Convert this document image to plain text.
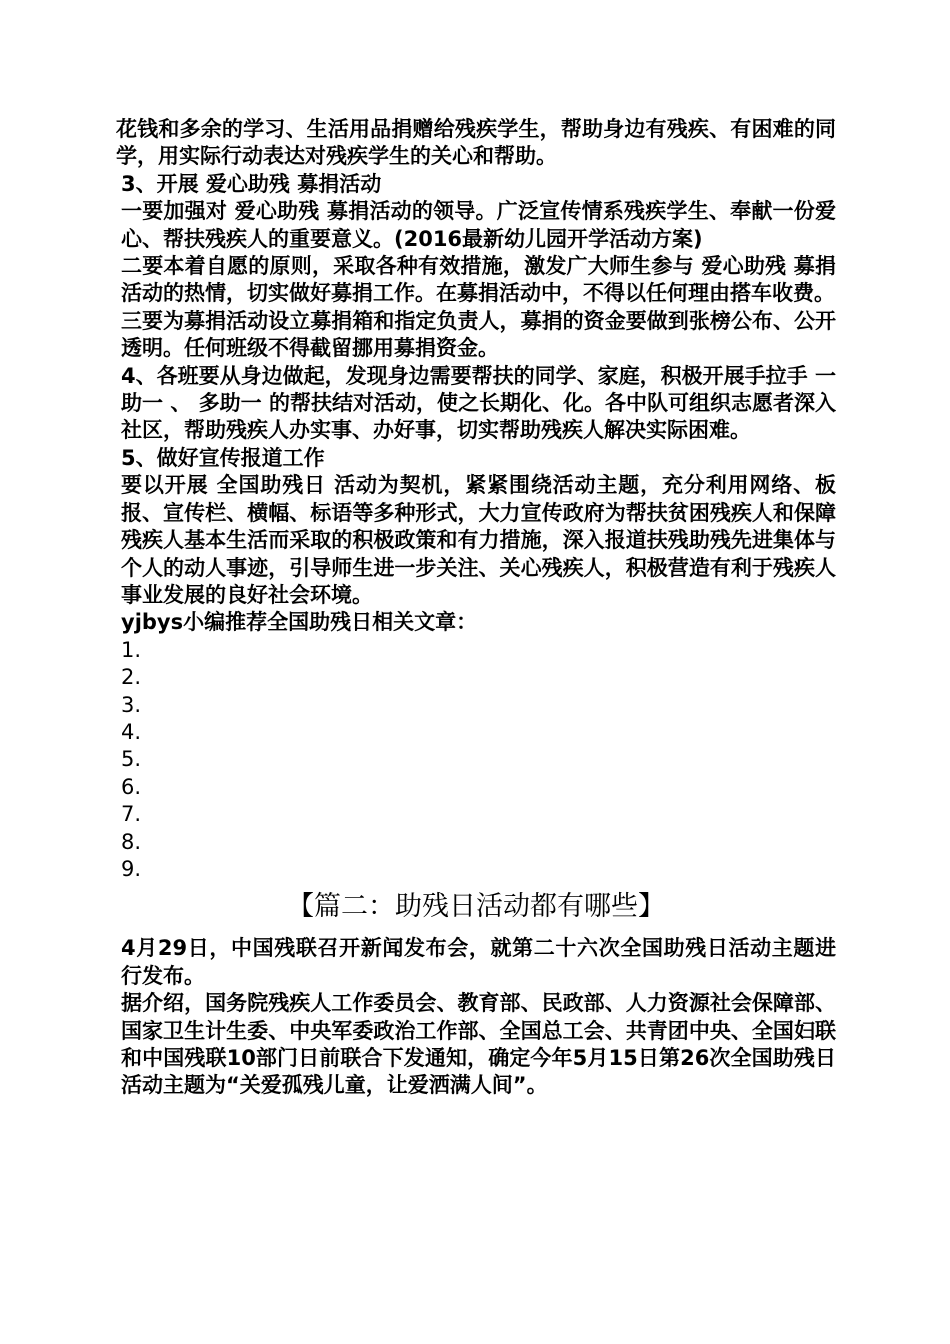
花钱和多余的学习、生活用品捐赠给残疾学生，帮助身边有残疾、有困难的同学，用实际行动表达对残疾学生的关心和帮助。

3、开展 爱心助残 募捐活动

一要加强对 爱心助残 募捐活动的领导。广泛宣传情系残疾学生、奉献一份爱心、帮扶残疾人的重要意义。(2016最新幼儿园开学活动方案)

二要本着自愿的原则，采取各种有效措施，激发广大师生参与 爱心助残 募捐活动的热情，切实做好募捐工作。在募捐活动中，不得以任何理由搭车收费。

三要为募捐活动设立募捐箱和指定负责人，募捐的资金要做到张榜公布、公开透明。任何班级不得截留挪用募捐资金。

4、各班要从身边做起，发现身边需要帮扶的同学、家庭，积极开展手拉手 一助一 、 多助一 的帮扶结对活动，使之长期化、化。各中队可组织志愿者深入社区，帮助残疾人办实事、办好事，切实帮助残疾人解决实际困难。

5、做好宣传报道工作

要以开展 全国助残日 活动为契机，紧紧围绕活动主题，充分利用网络、板报、宣传栏、横幅、标语等多种形式，大力宣传政府为帮扶贫困残疾人和保障残疾人基本生活而采取的积极政策和有力措施，深入报道扶残助残先进集体与个人的动人事迹，引导师生进一步关注、关心残疾人，积极营造有利于残疾人事业发展的良好社会环境。

yjbys小编推荐全国助残日相关文章：

1.
2.
3.
4.
5.
6.
7.
8.
9.
【篇二：助残日活动都有哪些】

4月29日，中国残联召开新闻发布会，就第二十六次全国助残日活动主题进行发布。

据介绍，国务院残疾人工作委员会、教育部、民政部、人力资源社会保障部、国家卫生计生委、中央军委政治工作部、全国总工会、共青团中央、全国妇联和中国残联10部门日前联合下发通知，确定今年5月15日第26次全国助残日活动主题为“关爱孤残儿童，让爱洒满人间”。
